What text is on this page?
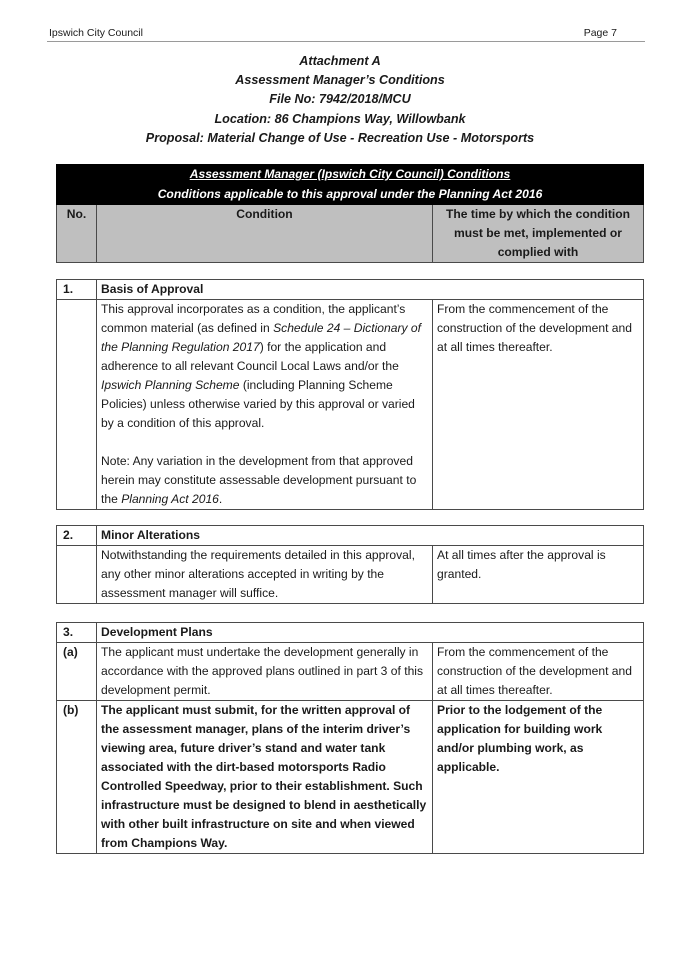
Ipswich City Council	Page 7
Attachment A
Assessment Manager’s Conditions
File No: 7942/2018/MCU
Location: 86 Champions Way, Willowbank
Proposal: Material Change of Use - Recreation Use - Motorsports
Assessment Manager (Ipswich City Council) Conditions
Conditions applicable to this approval under the Planning Act 2016
No.	Condition	The time by which the condition must be met, implemented or complied with
1.	Basis of Approval	

	This approval incorporates as a condition, the applicant’s common material (as defined in Schedule 24 – Dictionary of the Planning Regulation 2017) for the application and adherence to all relevant Council Local Laws and/or the Ipswich Planning Scheme (including Planning Scheme Policies) unless otherwise varied by this approval or varied by a condition of this approval.
Note: Any variation in the development from that approved herein may constitute assessable development pursuant to the Planning Act 2016.	From the commencement of the construction of the development and at all times thereafter.
2.	Minor Alterations	
	Notwithstanding the requirements detailed in this approval, any other minor alterations accepted in writing by the assessment manager will suffice.	At all times after the approval is granted.
3.	Development Plans	
(a)	The applicant must undertake the development generally in accordance with the approved plans outlined in part 3 of this development permit.	From the commencement of the construction of the development and at all times thereafter.
(b)	The applicant must submit, for the written approval of the assessment manager, plans of the interim driver’s viewing area, future driver’s stand and water tank associated with the dirt-based motorsports Radio Controlled Speedway, prior to their establishment. Such infrastructure must be designed to blend in aesthetically with other built infrastructure on site and when viewed from Champions Way.	Prior to the lodgement of the application for building work and/or plumbing work, as applicable.
